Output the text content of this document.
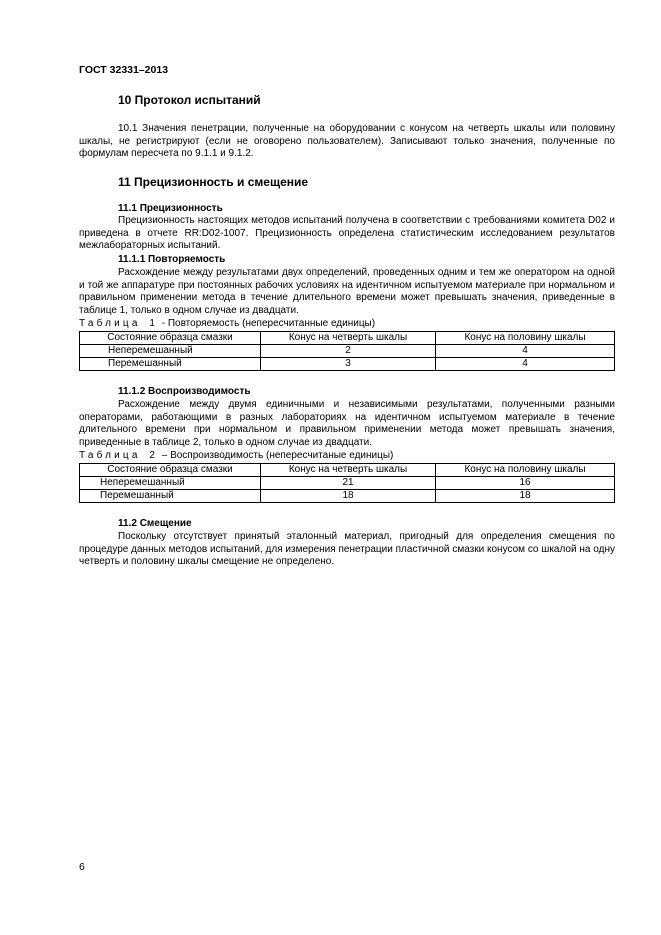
ГОСТ 32331–2013
10 Протокол испытаний

10.1 Значения пенетрации, полученные на оборудовании с конусом на четверть шкалы или половину шкалы, не регистрируют (если не оговорено пользователем). Записывают только значения, полученные по формулам пересчета по 9.1.1 и 9.1.2.

11 Прецизионность и смещение
11.1 Прецизионность

Прецизионность настоящих методов испытаний получена в соответствии с требованиями комитета D02 и приведена в отчете RR:D02-1007. Прецизионность определена статистическим исследованием результатов межлабораторных испытаний.

11.1.1 Повторяемость

Расхождение между результатами двух определений, проведенных одним и тем же оператором на одной и той же аппаратуре при постоянных рабочих условиях на идентичном испытуемом материале при нормальном и правильном применении метода в течение длительного времени может превышать значения, приведенные в таблице 1, только в одном случае из двадцати.

Таблица 1 - Повторяемость (непересчитанные единицы)
Состояние образца смазки	Конус на четверть шкалы	Конус на половину шкалы
Неперемешанный	2	4
Перемешанный	3	4
11.1.2 Воспроизводимость

Расхождение между двумя единичными и независимыми результатами, полученными разными операторами, работающими в разных лабораториях на идентичном испытуемом материале в течение длительного времени при нормальном и правильном применении метода может превышать значения, приведенные в таблице 2, только в одном случае из двадцати.

Таблица 2 – Воспроизводимость (непересчитаные единицы)
Состояние образца смазки	Конус на четверть шкалы	Конус на половину шкалы
Неперемешанный	21	16
Перемешанный	18	18
11.2 Смещение

Поскольку отсутствует принятый эталонный материал, пригодный для определения смещения по процедуре данных методов испытаний, для измерения пенетрации пластичной смазки конусом со шкалой на одну четверть и половину шкалы смещение не определено.

6
